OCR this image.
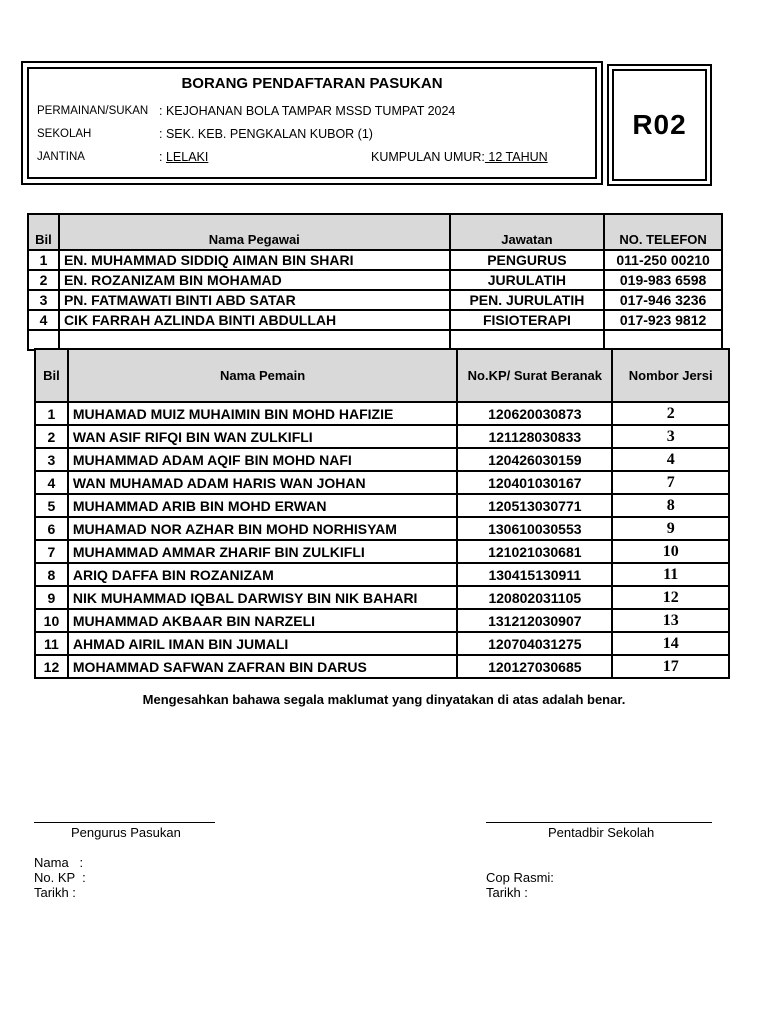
BORANG PENDAFTARAN PASUKAN
PERMAINAN/SUKAN : KEJOHANAN BOLA TAMPAR MSSD TUMPAT 2024
SEKOLAH	: SEK. KEB. PENGKALAN KUBOR (1)
JANTINA	: LELAKI	KUMPULAN UMUR: 12 TAHUN
R02
Bil	Nama Pegawai	Jawatan	NO. TELEFON
1	EN. MUHAMMAD SIDDIQ AIMAN BIN SHARI	PENGURUS	011-250 00210
2	EN. ROZANIZAM BIN MOHAMAD	JURULATIH	019-983 6598
3	PN. FATMAWATI BINTI ABD SATAR	PEN. JURULATIH	017-946 3236
4	CIK FARRAH AZLINDA BINTI ABDULLAH	FISIOTERAPI	017-923 9812

Bil	Nama Pemain	No.KP/ Surat Beranak	Nombor Jersi
1	MUHAMAD MUIZ MUHAIMIN BIN MOHD HAFIZIE	120620030873	2
2	WAN ASIF RIFQI BIN WAN ZULKIFLI	121128030833	3
3	MUHAMMAD ADAM AQIF BIN MOHD NAFI	120426030159	4
4	WAN MUHAMAD ADAM HARIS WAN JOHAN	120401030167	7
5	MUHAMMAD ARIB BIN MOHD ERWAN	120513030771	8
6	MUHAMAD NOR AZHAR BIN MOHD NORHISYAM	130610030553	9
7	MUHAMMAD AMMAR ZHARIF BIN ZULKIFLI	121021030681	10
8	ARIQ DAFFA BIN ROZANIZAM	130415130911	11
9	NIK MUHAMMAD IQBAL DARWISY BIN NIK BAHARI	120802031105	12
10	MUHAMMAD AKBAAR BIN NARZELI	131212030907	13
11	AHMAD AIRIL IMAN BIN JUMALI	120704031275	14
12	MOHAMMAD SAFWAN ZAFRAN BIN DARUS	120127030685	17
Mengesahkan bahawa segala maklumat yang dinyatakan di atas adalah benar.
Pengurus Pasukan	Pentadbir Sekolah
Nama   :
No. KP  :
Tarikh :
Cop Rasmi:
Tarikh :
